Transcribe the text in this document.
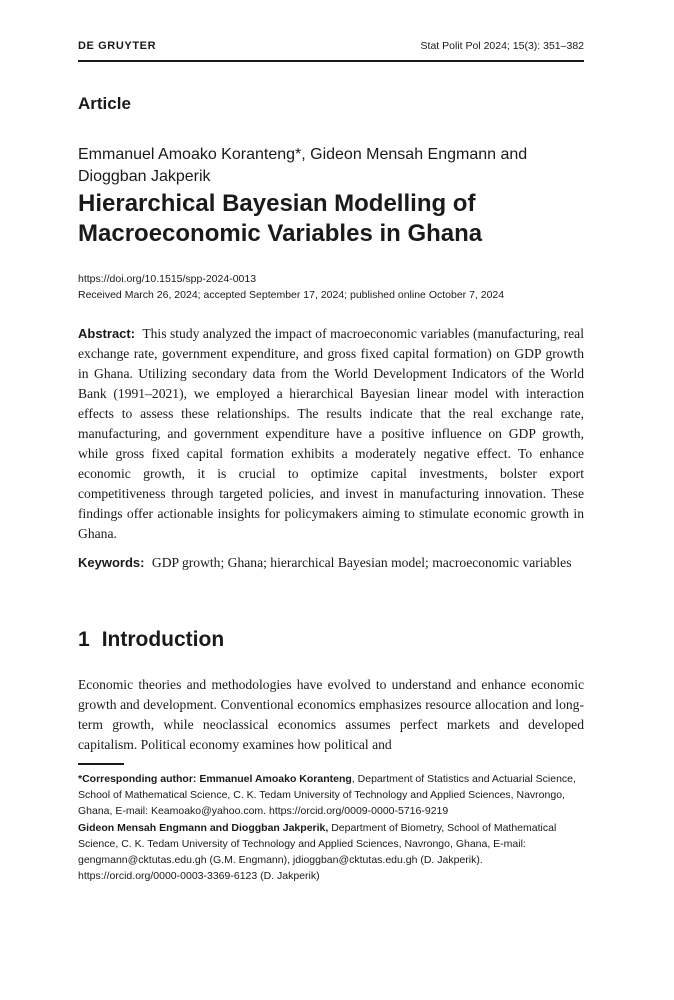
DE GRUYTER	Stat Polit Pol 2024; 15(3): 351–382
Article
Emmanuel Amoako Koranteng*, Gideon Mensah Engmann and Dioggban Jakperik
Hierarchical Bayesian Modelling of
Macroeconomic Variables in Ghana
https://doi.org/10.1515/spp-2024-0013
Received March 26, 2024; accepted September 17, 2024; published online October 7, 2024
Abstract: This study analyzed the impact of macroeconomic variables (manufacturing, real exchange rate, government expenditure, and gross fixed capital formation) on GDP growth in Ghana. Utilizing secondary data from the World Development Indicators of the World Bank (1991–2021), we employed a hierarchical Bayesian linear model with interaction effects to assess these relationships. The results indicate that the real exchange rate, manufacturing, and government expenditure have a positive influence on GDP growth, while gross fixed capital formation exhibits a moderately negative effect. To enhance economic growth, it is crucial to optimize capital investments, bolster export competitiveness through targeted policies, and invest in manufacturing innovation. These findings offer actionable insights for policymakers aiming to stimulate economic growth in Ghana.
Keywords: GDP growth; Ghana; hierarchical Bayesian model; macroeconomic variables
1 Introduction
Economic theories and methodologies have evolved to understand and enhance economic growth and development. Conventional economics emphasizes resource allocation and long-term growth, while neoclassical economics assumes perfect markets and developed capitalism. Political economy examines how political and

*Corresponding author: Emmanuel Amoako Koranteng, Department of Statistics and Actuarial Science, School of Mathematical Science, C. K. Tedam University of Technology and Applied Sciences, Navrongo, Ghana, E-mail: Keamoako@yahoo.com. https://orcid.org/0009-0000-5716-9219

Gideon Mensah Engmann and Dioggban Jakperik, Department of Biometry, School of Mathematical Science, C. K. Tedam University of Technology and Applied Sciences, Navrongo, Ghana, E-mail: gengmann@cktutas.edu.gh (G.M. Engmann), jdioggban@cktutas.edu.gh (D. Jakperik). https://orcid.org/0000-0003-3369-6123 (D. Jakperik)
